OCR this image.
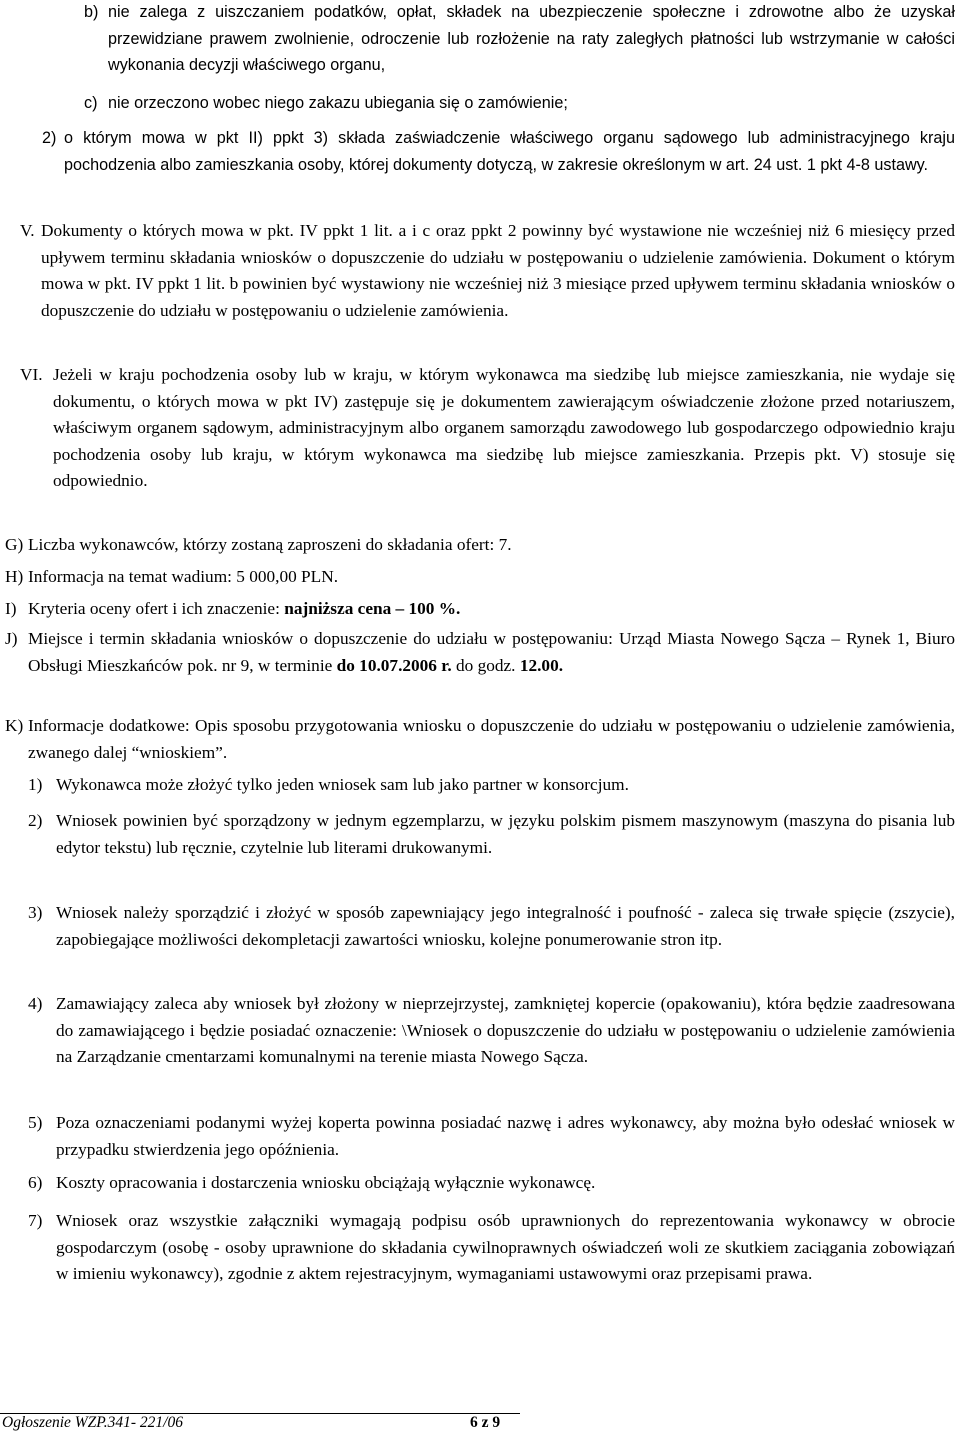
b) nie zalega z uiszczaniem podatków, opłat, składek na ubezpieczenie społeczne i zdrowotne albo że uzyskał przewidziane prawem zwolnienie, odroczenie lub rozłożenie na raty zaległych płatności lub wstrzymanie w całości wykonania decyzji właściwego organu,

c) nie orzeczono wobec niego zakazu ubiegania się o zamówienie;

2) o którym mowa w pkt II) ppkt 3) składa zaświadczenie właściwego organu sądowego lub administracyjnego kraju pochodzenia albo zamieszkania osoby, której dokumenty dotyczą, w zakresie określonym w art. 24 ust. 1 pkt 4-8 ustawy.

V. Dokumenty o których mowa w pkt. IV ppkt 1 lit. a i c oraz ppkt 2 powinny być wystawione nie wcześniej niż 6 miesięcy przed upływem terminu składania wniosków o dopuszczenie do udziału w postępowaniu o udzielenie zamówienia. Dokument o którym mowa w pkt. IV ppkt 1 lit. b powinien być wystawiony nie wcześniej niż 3 miesiące przed upływem terminu składania wniosków o dopuszczenie do udziału w postępowaniu o udzielenie zamówienia.

VI. Jeżeli w kraju pochodzenia osoby lub w kraju, w którym wykonawca ma siedzibę lub miejsce zamieszkania, nie wydaje się dokumentu, o których mowa w pkt IV) zastępuje się je dokumentem zawierającym oświadczenie złożone przed notariuszem, właściwym organem sądowym, administracyjnym albo organem samorządu zawodowego lub gospodarczego odpowiednio kraju pochodzenia osoby lub kraju, w którym wykonawca ma siedzibę lub miejsce zamieszkania. Przepis pkt. V) stosuje się odpowiednio.

G) Liczba wykonawców, którzy zostaną zaproszeni do składania ofert: 7.

H) Informacja na temat wadium: 5 000,00 PLN.

I) Kryteria oceny ofert i ich znaczenie: najniższa cena – 100 %.

J) Miejsce i termin składania wniosków o dopuszczenie do udziału w postępowaniu: Urząd Miasta Nowego Sącza – Rynek 1, Biuro Obsługi Mieszkańców pok. nr 9, w terminie do 10.07.2006 r. do godz. 12.00.

K) Informacje dodatkowe: Opis sposobu przygotowania wniosku o dopuszczenie do udziału w postępowaniu o udzielenie zamówienia, zwanego dalej “wnioskiem”.

1) Wykonawca może złożyć tylko jeden wniosek sam lub jako partner w konsorcjum.

2) Wniosek powinien być sporządzony w jednym egzemplarzu, w języku polskim pismem maszynowym (maszyna do pisania lub edytor tekstu) lub ręcznie, czytelnie lub literami drukowanymi.

3) Wniosek należy sporządzić i złożyć w sposób zapewniający jego integralność i poufność - zaleca się trwałe spięcie (zszycie), zapobiegające możliwości dekompletacji zawartości wniosku, kolejne ponumerowanie stron itp.

4) Zamawiający zaleca aby wniosek był złożony w nieprzejrzystej, zamkniętej kopercie (opakowaniu), która będzie zaadresowana do zamawiającego i będzie posiadać oznaczenie: \Wniosek o dopuszczenie do udziału w postępowaniu o udzielenie zamówienia na Zarządzanie cmentarzami komunalnymi na terenie miasta Nowego Sącza.

5) Poza oznaczeniami podanymi wyżej koperta powinna posiadać nazwę i adres wykonawcy, aby można było odesłać wniosek w przypadku stwierdzenia jego opóźnienia.

6) Koszty opracowania i dostarczenia wniosku obciążają wyłącznie wykonawcę.

7) Wniosek oraz wszystkie załączniki wymagają podpisu osób uprawnionych do reprezentowania wykonawcy w obrocie gospodarczym (osobę - osoby uprawnione do składania cywilnoprawnych oświadczeń woli ze skutkiem zaciągania zobowiązań w imieniu wykonawcy), zgodnie z aktem rejestracyjnym, wymaganiami ustawowymi oraz przepisami prawa.

Ogłoszenie WZP.341- 221/06	6 z 9
